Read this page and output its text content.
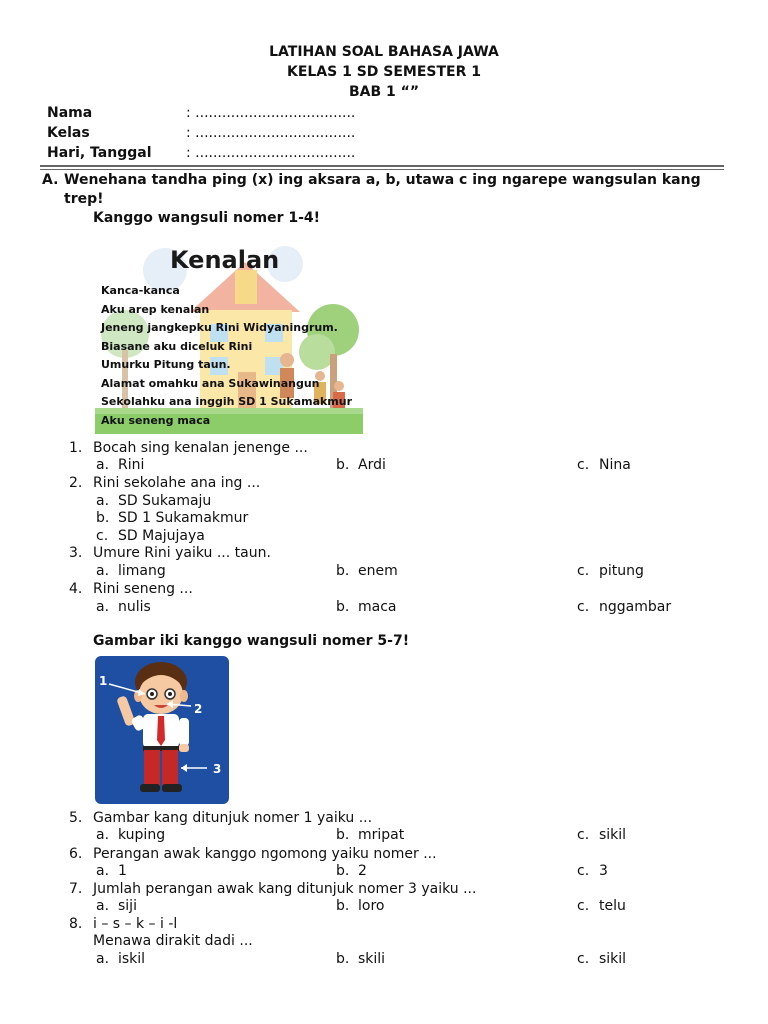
LATIHAN SOAL BAHASA JAWA
KELAS 1 SD SEMESTER 1
BAB 1 “”
Nama	: ....................................
Kelas	: ....................................
Hari, Tanggal : ....................................
A. Wenehana tandha ping (x) ing aksara a, b, utawa c ing ngarepe wangsulan kang trep!
Kanggo wangsuli nomer 1-4!
Kenalan
Kanca-kanca
Aku arep kenalan
Jeneng jangkepku Rini Widyaningrum.
Biasane aku diceluk Rini
Umurku Pitung taun.
Alamat omahku ana Sukawinangun
Sekolahku ana inggih SD 1 Sukamakmur
Aku seneng maca
1. Bocah sing kenalan jenenge ...
a. Rini	b. Ardi	c. Nina
2. Rini sekolahe ana ing ...
a. SD Sukamaju
b. SD 1 Sukamakmur
c. SD Majujaya
3. Umure Rini yaiku ... taun.
a. limang	b. enem	c. pitung
4. Rini seneng ...
a. nulis	b. maca	c. nggambar
Gambar iki kanggo wangsuli nomer 5-7!
1
2
3
5. Gambar kang ditunjuk nomer 1 yaiku ...
a. kuping	b. mripat	c. sikil
6. Perangan awak kanggo ngomong yaiku nomer ...
a. 1	b. 2	c. 3
7. Jumlah perangan awak kang ditunjuk nomer 3 yaiku ...
a. siji	b. loro	c. telu
8. i – s – k – i -l
Menawa dirakit dadi ...
a. iskil	b. skili	c. sikil
